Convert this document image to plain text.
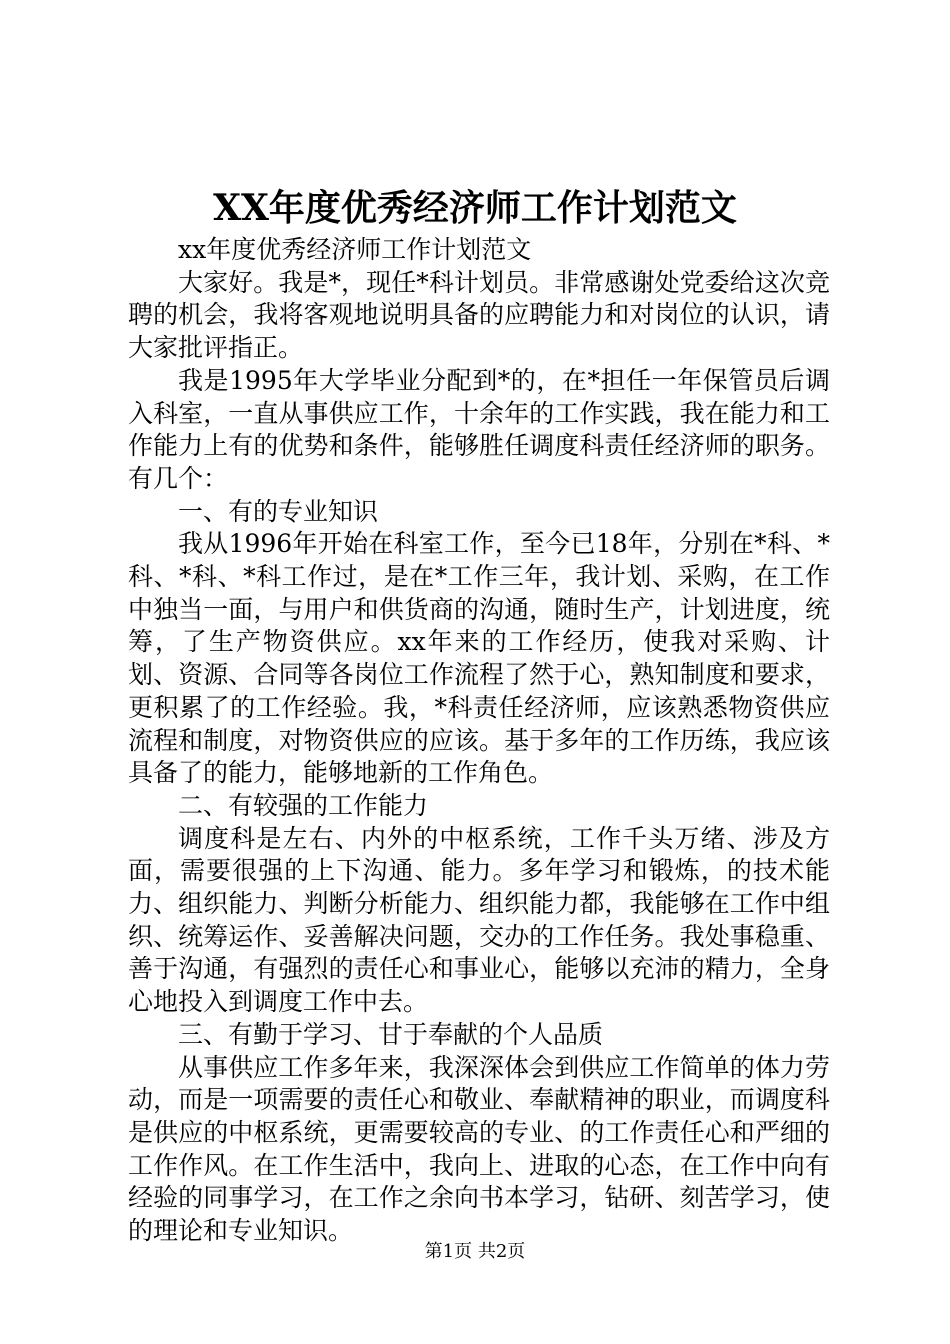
XX年度优秀经济师工作计划范文

xx年度优秀经济师工作计划范文

大家好。我是*，现任*科计划员。非常感谢处党委给这次竞聘的机会，我将客观地说明具备的应聘能力和对岗位的认识，请大家批评指正。

我是1995年大学毕业分配到*的，在*担任一年保管员后调入科室，一直从事供应工作，十余年的工作实践，我在能力和工作能力上有的优势和条件，能够胜任调度科责任经济师的职务。有几个：

一、有的专业知识

我从1996年开始在科室工作，至今已18年，分别在*科、*科、*科、*科工作过，是在*工作三年，我计划、采购，在工作中独当一面，与用户和供货商的沟通，随时生产，计划进度，统筹，了生产物资供应。xx年来的工作经历，使我对采购、计划、资源、合同等各岗位工作流程了然于心，熟知制度和要求，更积累了的工作经验。我，*科责任经济师，应该熟悉物资供应流程和制度，对物资供应的应该。基于多年的工作历练，我应该具备了的能力，能够地新的工作角色。

二、有较强的工作能力

调度科是左右、内外的中枢系统，工作千头万绪、涉及方面，需要很强的上下沟通、能力。多年学习和锻炼，的技术能力、组织能力、判断分析能力、组织能力都，我能够在工作中组织、统筹运作、妥善解决问题，交办的工作任务。我处事稳重、善于沟通，有强烈的责任心和事业心，能够以充沛的精力，全身心地投入到调度工作中去。

三、有勤于学习、甘于奉献的个人品质

从事供应工作多年来，我深深体会到供应工作简单的体力劳动，而是一项需要的责任心和敬业、奉献精神的职业，而调度科是供应的中枢系统，更需要较高的专业、的工作责任心和严细的工作作风。在工作生活中，我向上、进取的心态，在工作中向有经验的同事学习，在工作之余向书本学习，钻研、刻苦学习，使的理论和专业知识。

第1页 共2页
